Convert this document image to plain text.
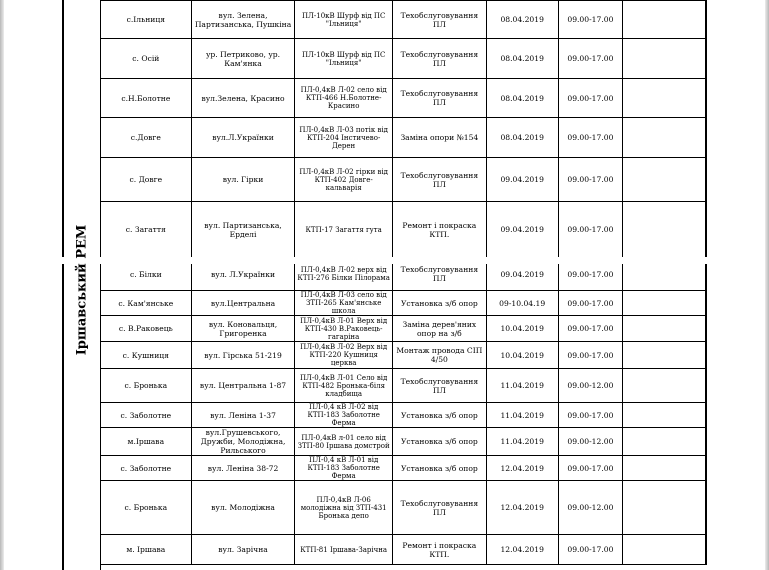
Іршавський РЕМ
с.Ільниця	вул. Зелена, Партизанська, Пушкіна	ПЛ-10кВ Шурф від ПС "Ільниця"	Техобслуговування ПЛ	08.04.2019	09.00-17.00	
с. Осій	ур. Петриково, ур. Кам'янка	ПЛ-10кВ Шурф від ПС "Ільниця"	Техобслуговування ПЛ	08.04.2019	09.00-17.00	
с.Н.Болотне	вул.Зелена, Красино	ПЛ-0,4кВ Л-02 село від КТП-466 Н.Болотне-Красино	Техобслуговування ПЛ	08.04.2019	09.00-17.00	
с.Довге	вул.Л.Українки	ПЛ-0,4кВ Л-03 потік від КТП-204 Інстичево-Дерен	Заміна опори №154	08.04.2019	09.00-17.00	
с. Довге	вул. Гірки	ПЛ-0,4кВ Л-02 гірки від КТП-402 Довге-кальварія	Техобслуговування ПЛ	09.04.2019	09.00-17.00	
с. Загаття	вул. Партизанська, Ерделі	КТП-17 Загаття гута	Ремонт і покраска КТП.	09.04.2019	09.00-17.00	
с. Білки	вул. Л.Українки	ПЛ-0,4кВ Л-02 верх від КТП-276 Білки Пілорама	Техобслуговування ПЛ	09.04.2019	09.00-17.00	
с. Кам'янське	вул.Центральна	ПЛ-0,4кВ Л-03 село від ЗТП-265 Кам'янське школа	Установка з/б опор	09-10.04.19	09.00-17.00	
с. В.Раковець	вул. Коновальця, Григоренка	ПЛ-0,4кВ Л-01 Верх від КТП-430 В.Раковець-гагаріна	Заміна дерев'яних опор на з/б	10.04.2019	09.00-17.00	
с. Кушниця	вул. Гірська 51-219	ПЛ-0,4кВ Л-02 Верх від КТП-220 Кушниця церква	Монтаж провода СІП 4/50	10.04.2019	09.00-17.00	
с. Бронька	вул. Центральна 1-87	ПЛ-0,4кВ Л-01 Село від КТП-482 Бронька-біля кладбища	Техобслуговування ПЛ	11.04.2019	09.00-12.00	
с. Заболотне	вул. Леніна 1-37	ПЛ-0,4 кВ Л-02 від КТП-183 Заболотне Ферма	Установка з/б опор	11.04.2019	09.00-17.00	
м.Іршава	вул.Грушевського, Дружби, Молодіжна, Рильського	ПЛ-0,4кВ л-01 село від ЗТП-80 Іршава домстрой	Установка з/б опор	11.04.2019	09.00-12.00	
с. Заболотне	вул. Леніна 38-72	ПЛ-0,4 кВ Л-01 від КТП-183 Заболотне Ферма	Установка з/б опор	12.04.2019	09.00-17.00	
с. Бронька	вул. Молодіжна	ПЛ-0,4кВ Л-06 молодіжна від ЗТП-431 Бронька депо	Техобслуговування ПЛ	12.04.2019	09.00-12.00	
м. Іршава	вул. Зарічна	КТП-81 Іршава-Зарічна	Ремонт і покраска КТП.	12.04.2019	09.00-17.00	
